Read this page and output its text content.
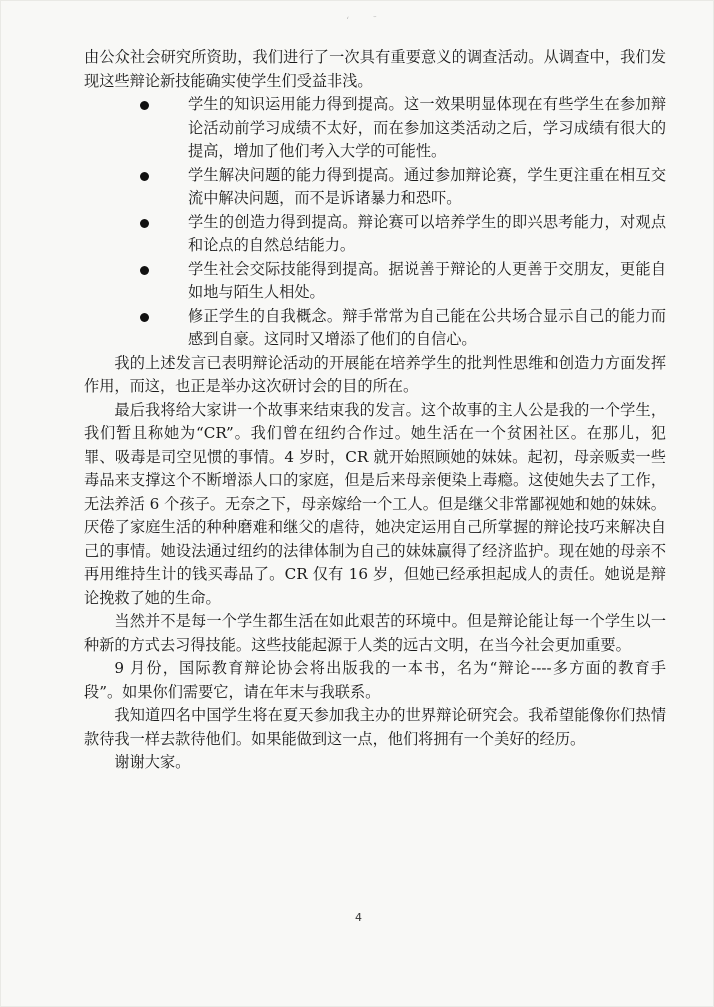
‘ ˘

由公众社会研究所资助，我们进行了一次具有重要意义的调查活动。从调查中，我们发现这些辩论新技能确实使学生们受益非浅。

学生的知识运用能力得到提高。这一效果明显体现在有些学生在参加辩论活动前学习成绩不太好，而在参加这类活动之后，学习成绩有很大的提高，增加了他们考入大学的可能性。
学生解决问题的能力得到提高。通过参加辩论赛，学生更注重在相互交流中解决问题，而不是诉诸暴力和恐吓。
学生的创造力得到提高。辩论赛可以培养学生的即兴思考能力，对观点和论点的自然总结能力。
学生社会交际技能得到提高。据说善于辩论的人更善于交朋友，更能自如地与陌生人相处。
修正学生的自我概念。辩手常常为自己能在公共场合显示自己的能力而感到自豪。这同时又增添了他们的自信心。

我的上述发言已表明辩论活动的开展能在培养学生的批判性思维和创造力方面发挥作用，而这，也正是举办这次研讨会的目的所在。

最后我将给大家讲一个故事来结束我的发言。这个故事的主人公是我的一个学生，我们暂且称她为“CR”。我们曾在纽约合作过。她生活在一个贫困社区。在那儿，犯罪、吸毒是司空见惯的事情。4 岁时，CR 就开始照顾她的妹妹。起初，母亲贩卖一些毒品来支撑这个不断增添人口的家庭，但是后来母亲便染上毒瘾。这使她失去了工作，无法养活 6 个孩子。无奈之下，母亲嫁给一个工人。但是继父非常鄙视她和她的妹妹。厌倦了家庭生活的种种磨难和继父的虐待，她决定运用自己所掌握的辩论技巧来解决自己的事情。她设法通过纽约的法律体制为自己的妹妹赢得了经济监护。现在她的母亲不再用维持生计的钱买毒品了。CR 仅有 16 岁，但她已经承担起成人的责任。她说是辩论挽救了她的生命。

当然并不是每一个学生都生活在如此艰苦的环境中。但是辩论能让每一个学生以一种新的方式去习得技能。这些技能起源于人类的远古文明，在当今社会更加重要。

9 月份，国际教育辩论协会将出版我的一本书，名为“辩论----多方面的教育手段”。如果你们需要它，请在年末与我联系。

我知道四名中国学生将在夏天参加我主办的世界辩论研究会。我希望能像你们热情款待我一样去款待他们。如果能做到这一点，他们将拥有一个美好的经历。

谢谢大家。

4
